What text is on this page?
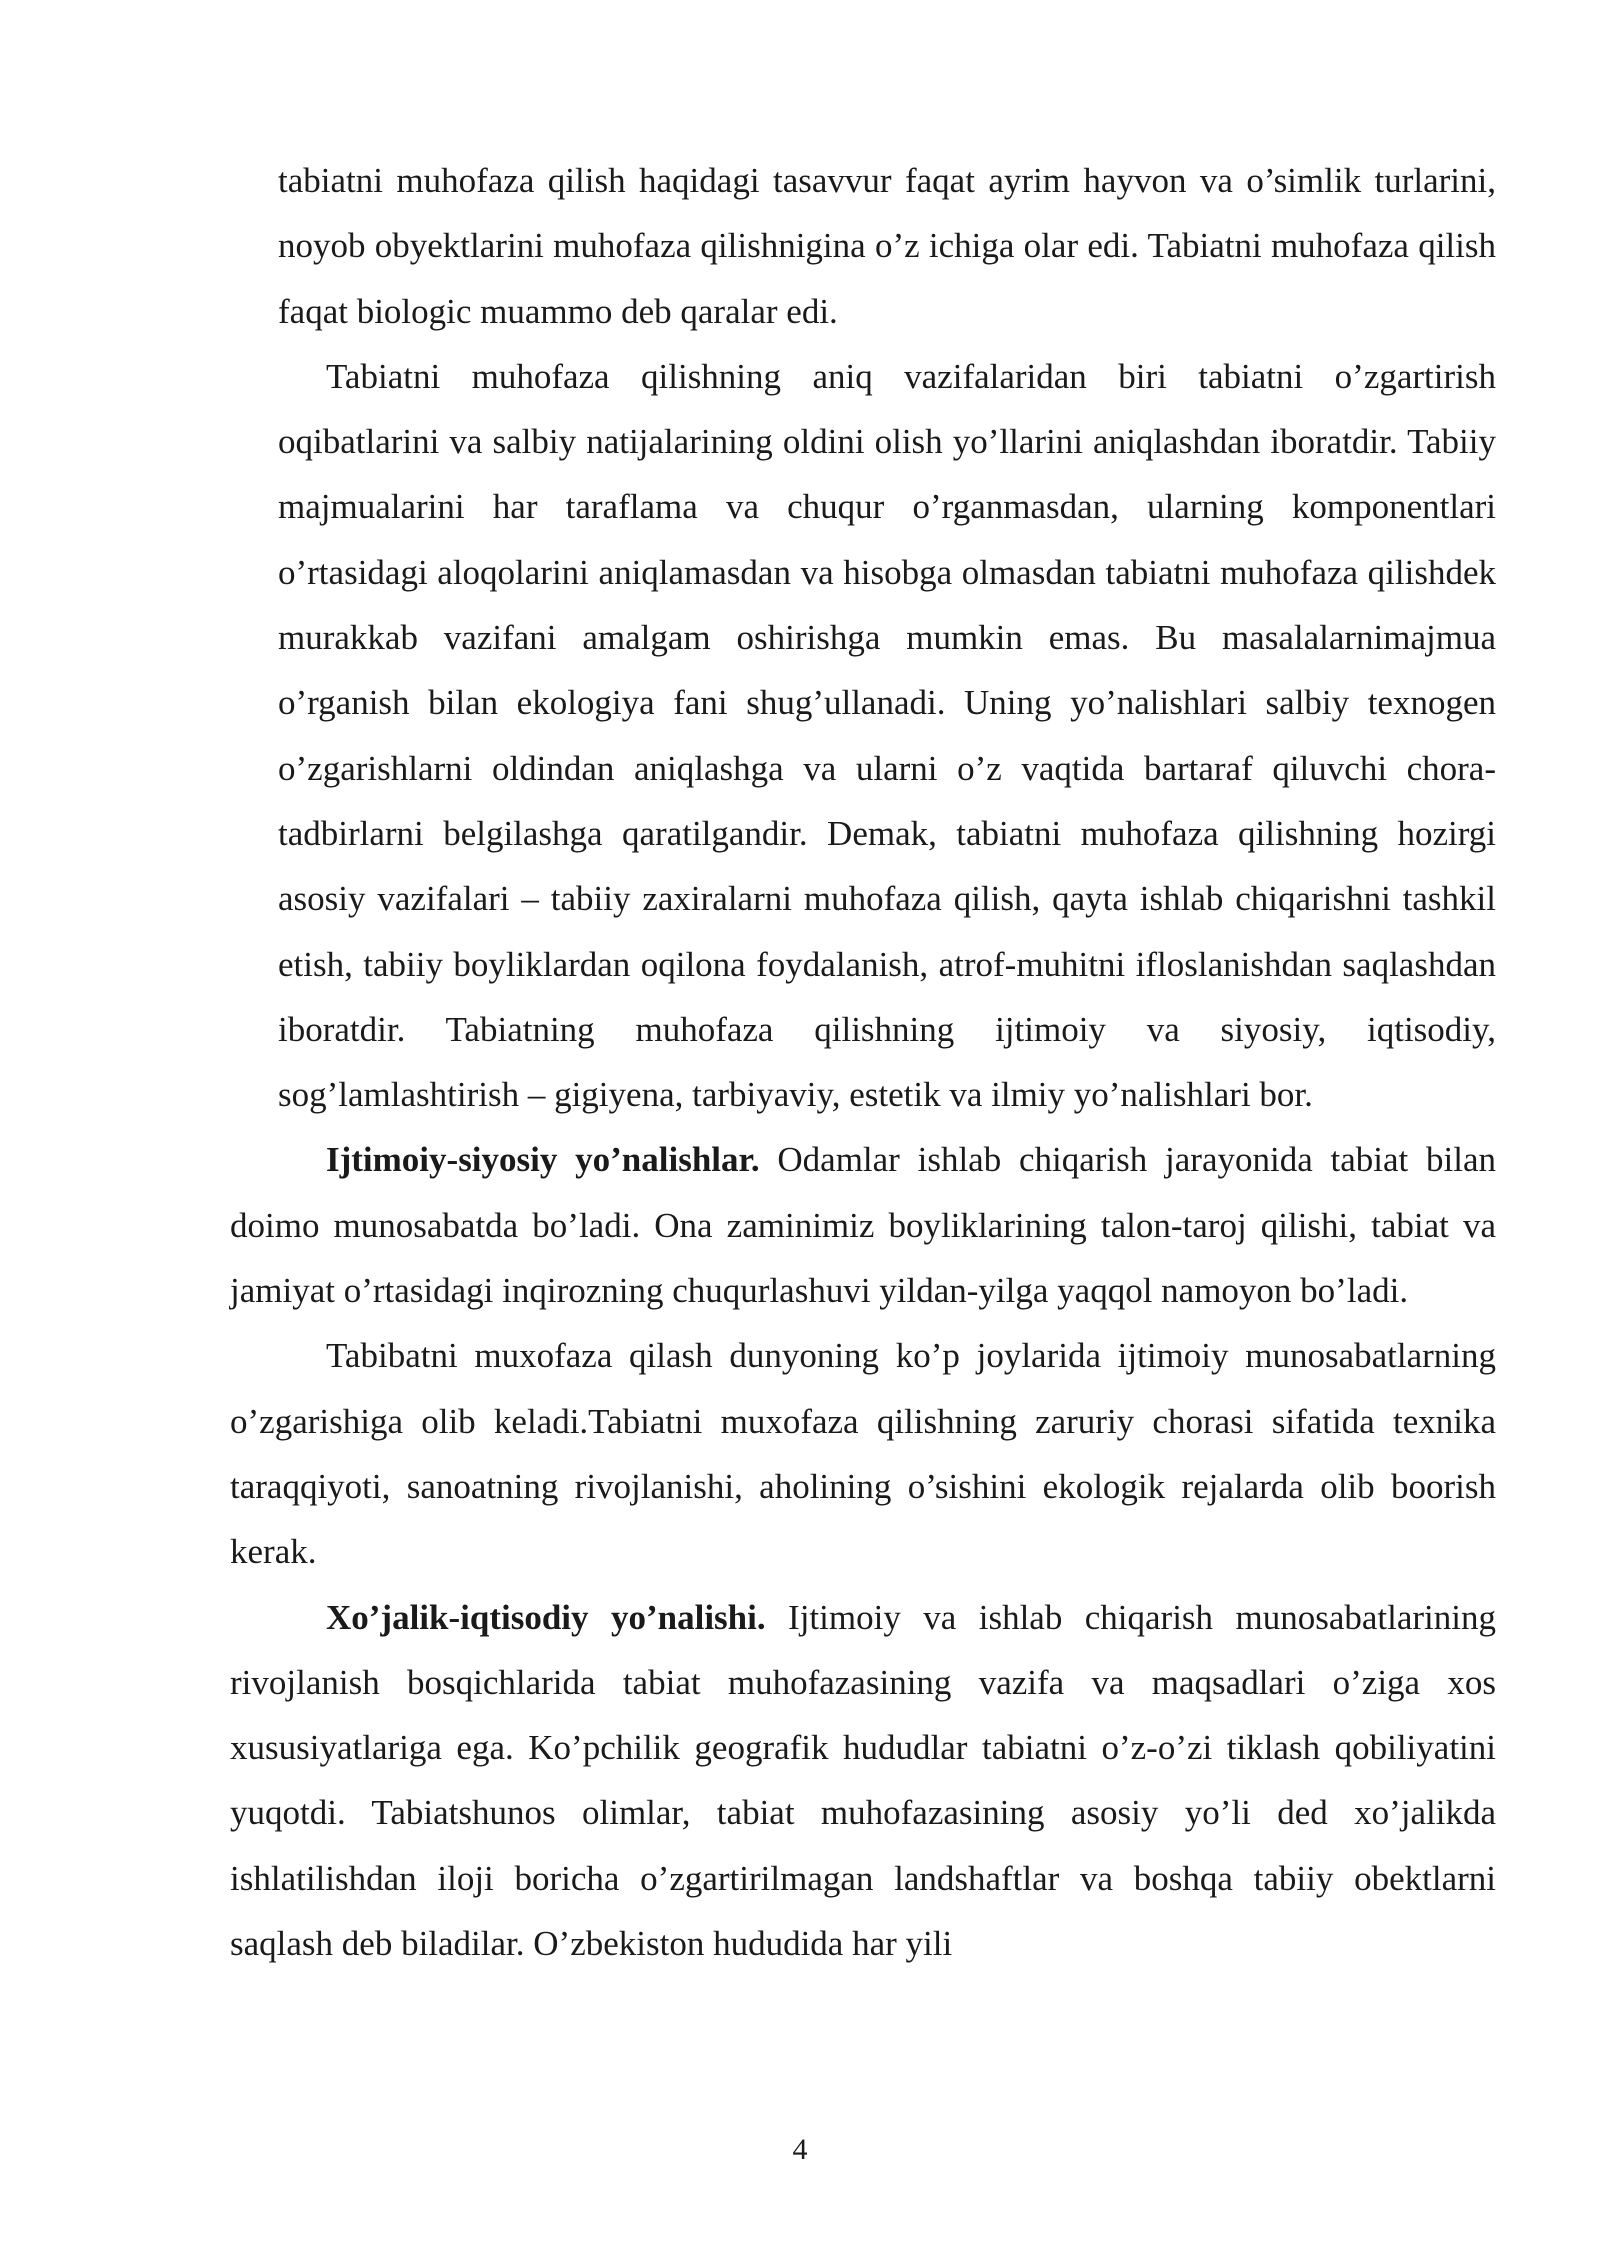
tabiatni muhofaza qilish haqidagi tasavvur faqat ayrim hayvon va o’simlik turlarini, noyob obyektlarini muhofaza qilishnigina o’z ichiga olar edi. Tabiatni muhofaza qilish faqat biologic muammo deb qaralar edi.

Tabiatni muhofaza qilishning aniq vazifalaridan biri tabiatni o’zgartirish oqibatlarini va salbiy natijalarining oldini olish yo’llarini aniqlashdan iboratdir. Tabiiy majmualarini har taraflama va chuqur o’rganmasdan, ularning komponentlari o’rtasidagi aloqolarini aniqlamasdan va hisobga olmasdan tabiatni muhofaza qilishdek murakkab vazifani amalgam oshirishga mumkin emas. Bu masalalarnimajmua o’rganish bilan ekologiya fani shug’ullanadi. Uning yo’nalishlari salbiy texnogen o’zgarishlarni oldindan aniqlashga va ularni o’z vaqtida bartaraf qiluvchi chora-tadbirlarni belgilashga qaratilgandir. Demak, tabiatni muhofaza qilishning hozirgi asosiy vazifalari – tabiiy zaxiralarni muhofaza qilish, qayta ishlab chiqarishni tashkil etish, tabiiy boyliklardan oqilona foydalanish, atrof-muhitni ifloslanishdan saqlashdan iboratdir. Tabiatning muhofaza qilishning ijtimoiy va siyosiy, iqtisodiy, sog’lamlashtirish – gigiyena, tarbiyaviy, estetik va ilmiy yo’nalishlari bor.

Ijtimoiy-siyosiy yo’nalishlar. Odamlar ishlab chiqarish jarayonida tabiat bilan doimo munosabatda bo’ladi. Ona zaminimiz boyliklarining talon-taroj qilishi, tabiat va jamiyat o’rtasidagi inqirozning chuqurlashuvi yildan-yilga yaqqol namoyon bo’ladi.

Tabibatni muxofaza qilash dunyoning ko’p joylarida ijtimoiy munosabatlarning o’zgarishiga olib keladi.Tabiatni muxofaza qilishning zaruriy chorasi sifatida texnika taraqqiyoti, sanoatning rivojlanishi, aholining o’sishini ekologik rejalarda olib boorish kerak.

Xo’jalik-iqtisodiy yo’nalishi. Ijtimoiy va ishlab chiqarish munosabatlarining rivojlanish bosqichlarida tabiat muhofazasining vazifa va maqsadlari o’ziga xos xususiyatlariga ega. Ko’pchilik geografik hududlar tabiatni o’z-o’zi tiklash qobiliyatini yuqotdi. Tabiatshunos olimlar, tabiat muhofazasining asosiy yo’li ded xo’jalikda ishlatilishdan iloji boricha o’zgartirilmagan landshaftlar va boshqa tabiiy obektlarni saqlash deb biladilar. O’zbekiston hududida har yili

4
